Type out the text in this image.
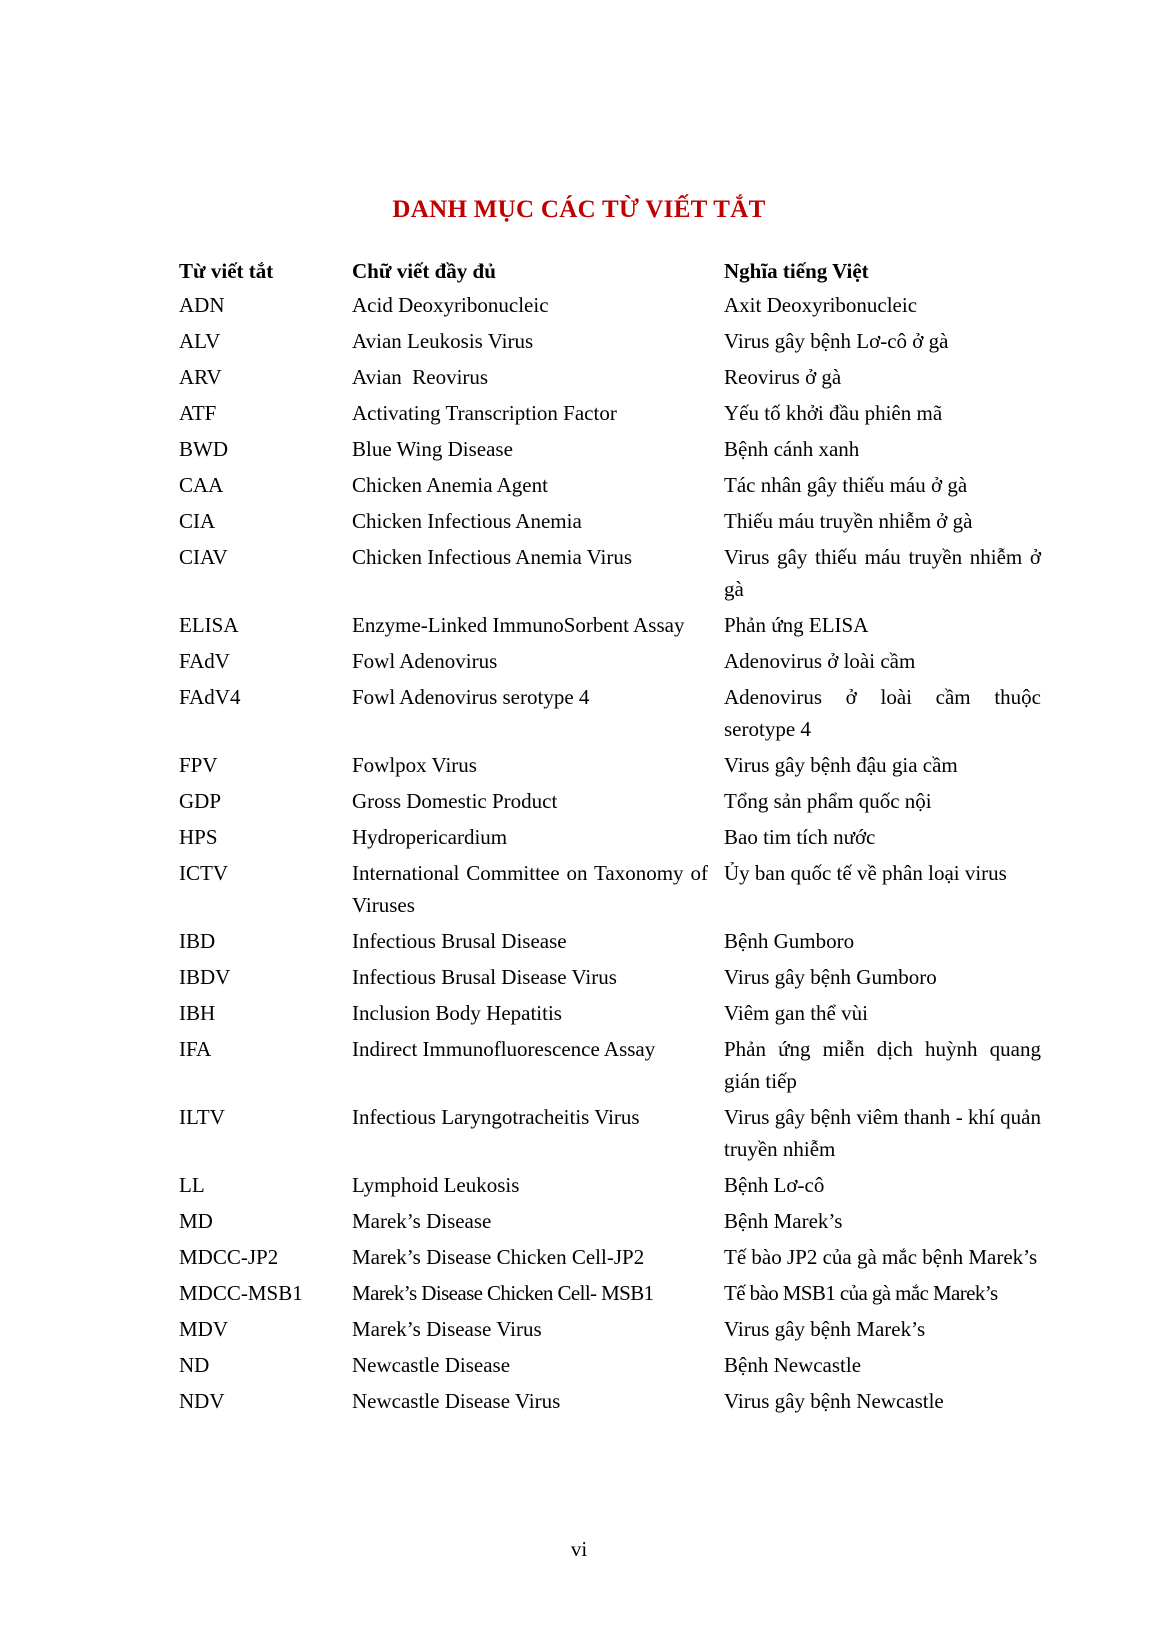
DANH MỤC CÁC TỪ VIẾT TẮT
Từ viết tắt	Chữ viết đầy đủ	Nghĩa tiếng Việt
ADN	Acid Deoxyribonucleic	Axit Deoxyribonucleic
ALV	Avian Leukosis Virus	Virus gây bệnh Lơ-cô ở gà
ARV	Avian  Reovirus	Reovirus ở gà
ATF	Activating Transcription Factor	Yếu tố khởi đầu phiên mã
BWD	Blue Wing Disease	Bệnh cánh xanh
CAA	Chicken Anemia Agent	Tác nhân gây thiếu máu ở gà
CIA	Chicken Infectious Anemia	Thiếu máu truyền nhiễm ở gà
CIAV	Chicken Infectious Anemia Virus	Virus gây thiếu máu truyền nhiễm ở gà
ELISA	Enzyme-Linked ImmunoSorbent Assay	Phản ứng ELISA
FAdV	Fowl Adenovirus	Adenovirus ở loài cầm
FAdV4	Fowl Adenovirus serotype 4	Adenovirus ở loài cầm thuộc serotype 4
FPV	Fowlpox Virus	Virus gây bệnh đậu gia cầm
GDP	Gross Domestic Product	Tổng sản phẩm quốc nội
HPS	Hydropericardium	Bao tim tích nước
ICTV	International Committee on Taxonomy of Viruses	Ủy ban quốc tế về phân loại virus
IBD	Infectious Brusal Disease	Bệnh Gumboro
IBDV	Infectious Brusal Disease Virus	Virus gây bệnh Gumboro
IBH	Inclusion Body Hepatitis	Viêm gan thể vùi
IFA	Indirect Immunofluorescence Assay	Phản ứng miễn dịch huỳnh quang gián tiếp
ILTV	Infectious Laryngotracheitis Virus	Virus gây bệnh viêm thanh - khí quản truyền nhiễm
LL	Lymphoid Leukosis	Bệnh Lơ-cô
MD	Marek’s Disease	Bệnh Marek’s
MDCC-JP2	Marek’s Disease Chicken Cell-JP2	Tế bào JP2 của gà mắc bệnh Marek’s
MDCC-MSB1	Marek’s Disease Chicken Cell- MSB1	Tế bào MSB1 của gà mắc Marek’s
MDV	Marek’s Disease Virus	Virus gây bệnh Marek’s
ND	Newcastle Disease	Bệnh Newcastle
NDV	Newcastle Disease Virus	Virus gây bệnh Newcastle
vi
